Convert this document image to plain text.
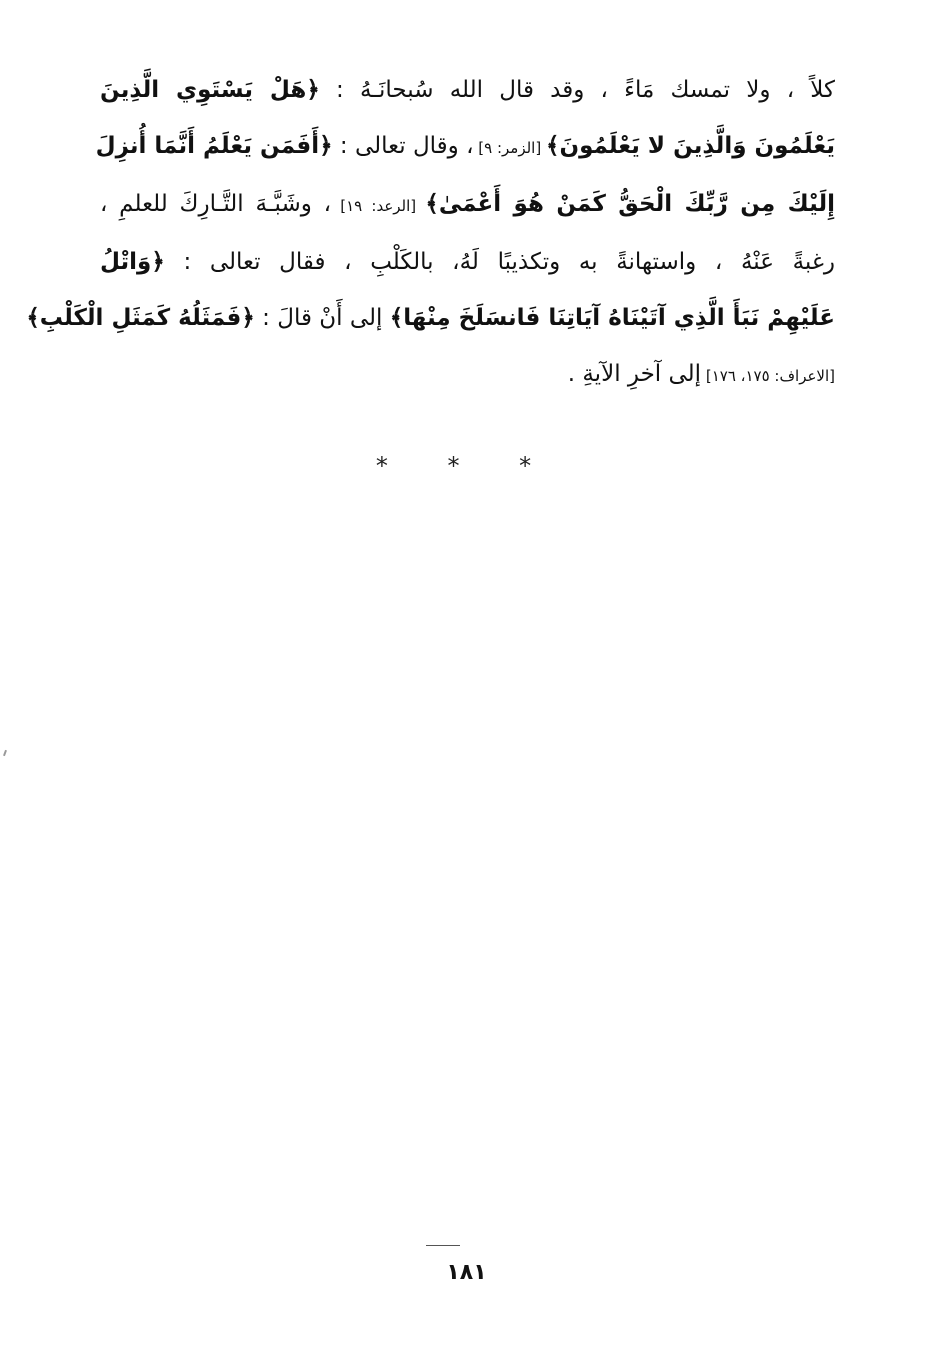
كلاً ، ولا تمسك مَاءً ، وقد قال الله سُبحانَـهُ : ﴿هَلْ يَسْتَوِي الَّذِينَ
يَعْلَمُونَ وَالَّذِينَ لا يَعْلَمُونَ﴾ [الزمر: ٩] ، وقال تعالى : ﴿أَفَمَن يَعْلَمُ أَنَّمَا أُنزِلَ
إِلَيْكَ مِن رَّبِّكَ الْحَقُّ كَمَنْ هُوَ أَعْمَىٰ﴾ [الرعد: ١٩] ، وشَبَّـهَ التَّـارِكَ للعلمِ ،
رغبةً عَنْهُ ، واستهانةً به وتكذيبًا لَهُ، بالكَلْبِ ، فقال تعالى : ﴿وَاتْلُ
عَلَيْهِمْ نَبَأَ الَّذِي آتَيْنَاهُ آيَاتِنَا فَانسَلَخَ مِنْهَا﴾ إلى أَنْ قالَ : ﴿فَمَثَلُهُ كَمَثَلِ الْكَلْبِ﴾
[الاعراف: ١٧٥، ١٧٦] إلى آخرِ الآيةِ .
* * *
١٨١
